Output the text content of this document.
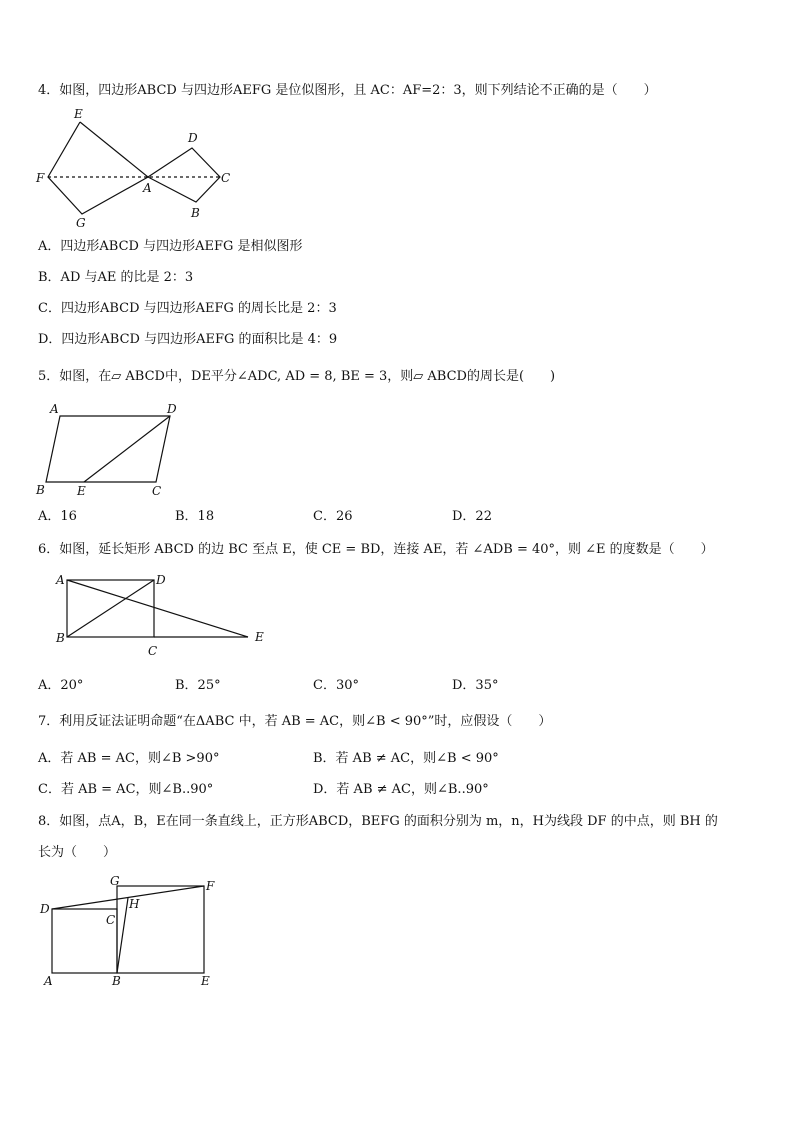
4．如图，四边形ABCD 与四边形AEFG 是位似图形，且 AC：AF=2：3，则下列结论不正确的是（　　）
E
D
F
A
C
G
B
A．四边形ABCD 与四边形AEFG 是相似图形
B．AD 与AE 的比是 2：3
C．四边形ABCD 与四边形AEFG 的周长比是 2：3
D．四边形ABCD 与四边形AEFG 的面积比是 4：9
5．如图，在▱ ABCD中，DE平分∠ADC, AD = 8, BE = 3，则▱ ABCD的周长是(　　)
A	D
B	E	C
A．16	B．18	C．26	D．22
6．如图，延长矩形 ABCD 的边 BC 至点 E，使 CE = BD，连接 AE，若 ∠ADB = 40°，则 ∠E 的度数是（　　）
A	D
B
C
E
A．20°	B．25°	C．30°	D．35°
7．利用反证法证明命题“在ΔABC 中，若 AB = AC，则∠B < 90°”时，应假设（　　）
A．若 AB = AC，则∠B >90°	B．若 AB ≠ AC，则∠B < 90°
C．若 AB = AC，则∠B..90°	D．若 AB ≠ AC，则∠B..90°
8．如图，点A，B，E在同一条直线上，正方形ABCD，BEFG 的面积分别为 m，n，H为线段 DF 的中点，则 BH 的
长为（　　）
G	F
D	H
C
A	B	E
